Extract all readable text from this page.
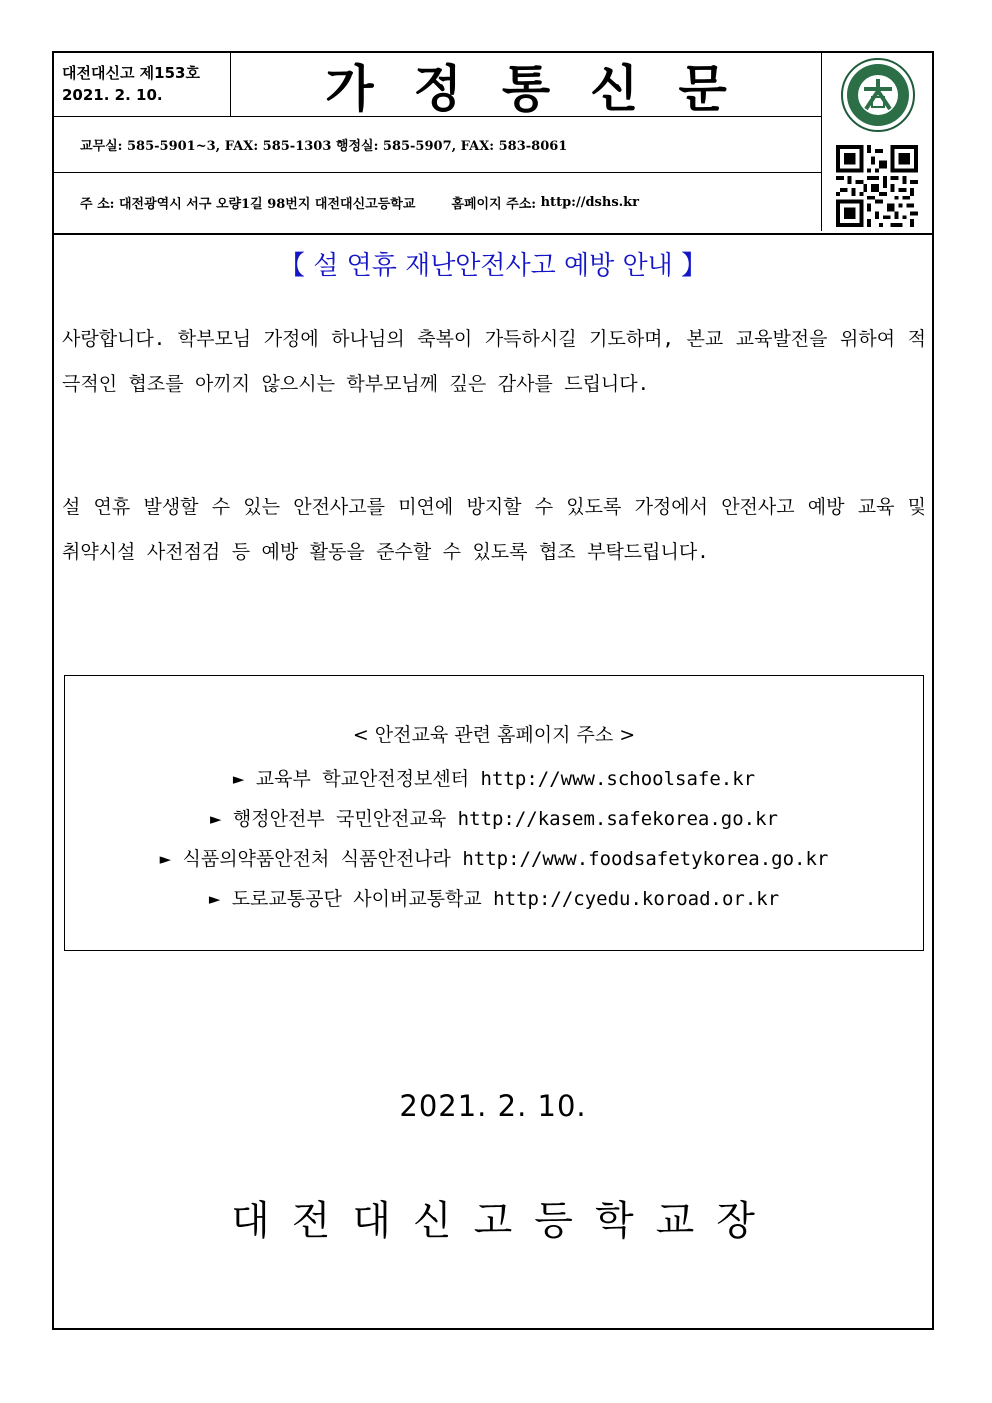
대전대신고 제153호
2021. 2. 10.	가정통신문
교무실: 585-5901~3, FAX: 585-1303 행정실: 585-5907, FAX: 583-8061
주 소:
대전광역시 서구 오량1길 98번지 대전대신고등학교	홈페이지 주소:
http://dshs.kr
【 설 연휴 재난안전사고 예방 안내 】
사랑합니다. 학부모님 가정에 하나님의 축복이 가득하시길 기도하며, 본교 교육발전을 위하여 적극적인 협조를 아끼지 않으시는 학부모님께 깊은 감사를 드립니다.
설 연휴 발생할 수 있는 안전사고를 미연에 방지할 수 있도록 가정에서 안전사고 예방 교육 및 취약시설 사전점검 등 예방 활동을 준수할 수 있도록 협조 부탁드립니다.
< 안전교육 관련 홈페이지 주소 >
► 교육부 학교안전정보센터 http://www.schoolsafe.kr
► 행정안전부 국민안전교육 http://kasem.safekorea.go.kr
► 식품의약품안전처 식품안전나라 http://www.foodsafetykorea.go.kr
► 도로교통공단 사이버교통학교 http://cyedu.koroad.or.kr
2021. 2. 10.
대전대신고등학교장
